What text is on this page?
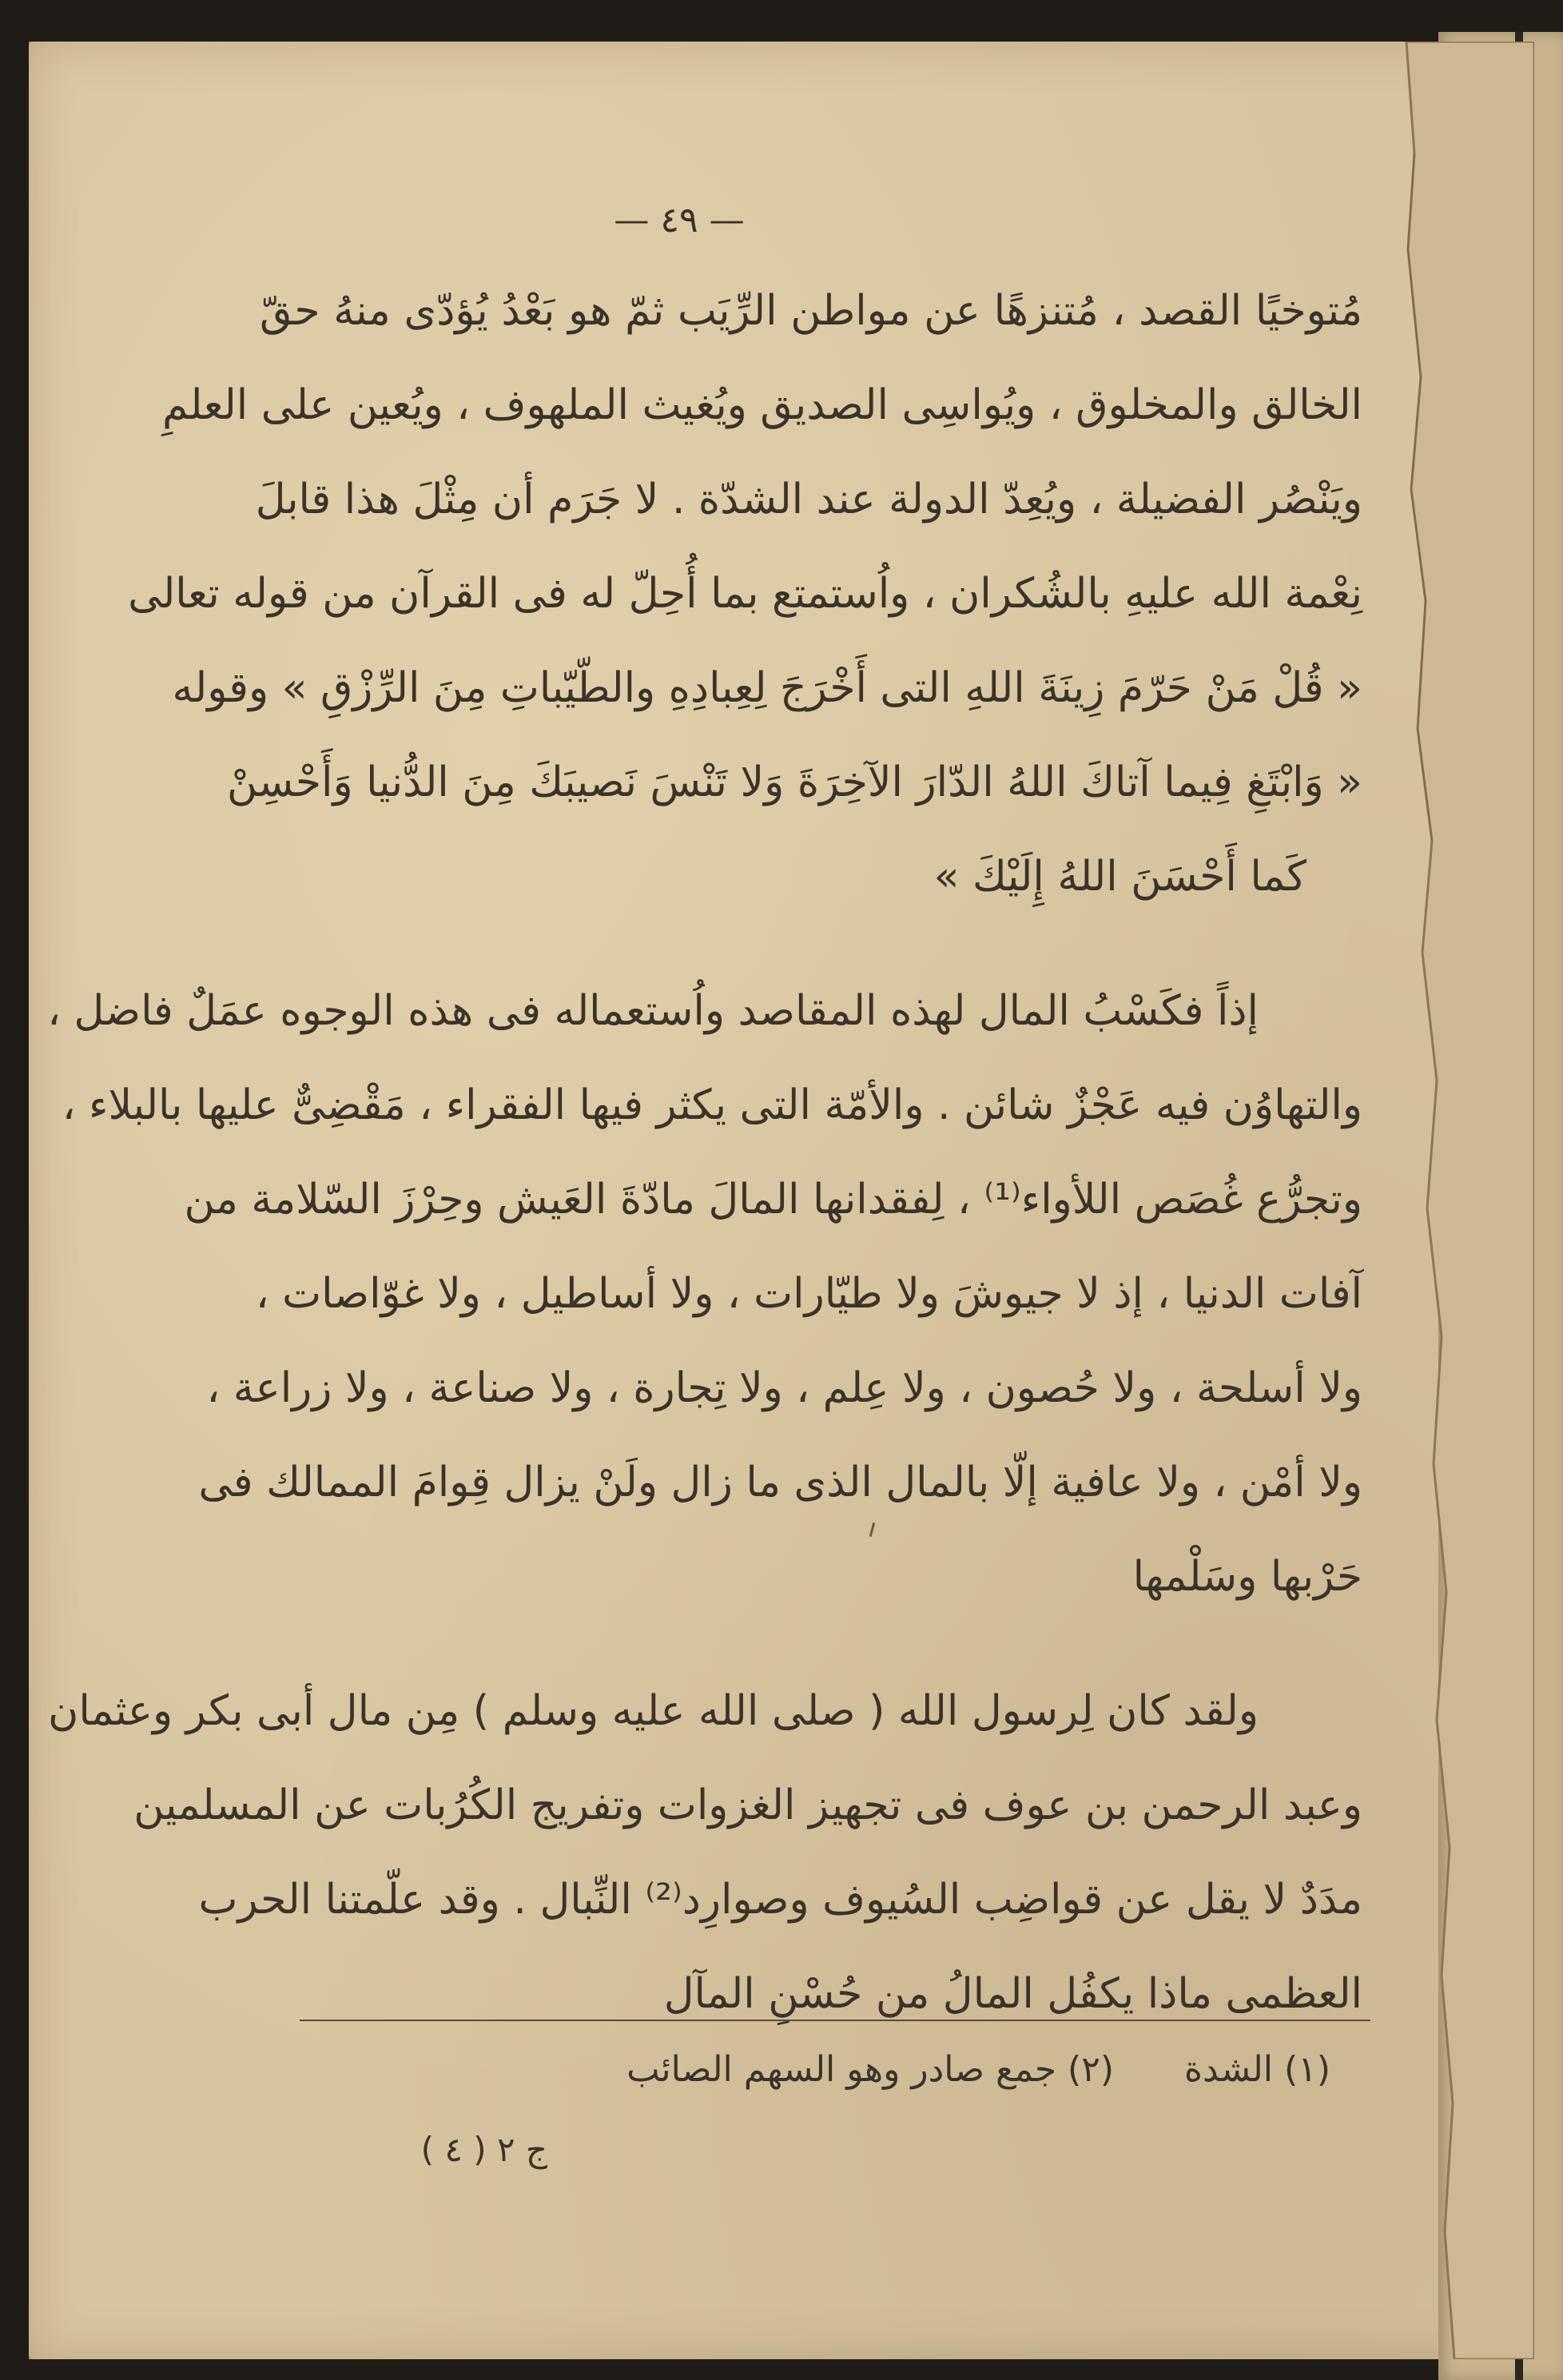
— ٤٩ —
مُتوخيًا القصد ، مُتنزهًا عن مواطن الرِّيَب ثمّ هو بَعْدُ يُؤدّى منهُ حقّ
الخالق والمخلوق ، ويُواسِى الصديق ويُغيث الملهوف ، ويُعين على العلمِ
ويَنْصُر الفضيلة ، ويُعِدّ الدولة عند الشدّة . لا جَرَم أن مِثْلَ هذا قابلَ
نِعْمة الله عليهِ بالشُكران ، واُستمتع بما أُحِلّ له فى القرآن من قوله تعالى
« قُلْ مَنْ حَرّمَ زِينَةَ اللهِ التى أَخْرَجَ لِعِبادِهِ والطّيّباتِ مِنَ الرِّزْقِ » وقوله
« وَابْتَغِ فِيما آتاكَ اللهُ الدّارَ الآخِرَةَ وَلا تَنْسَ نَصيبَكَ مِنَ الدُّنيا وَأَحْسِنْ
كَما أَحْسَنَ اللهُ إِلَيْكَ »
إذاً فكَسْبُ المال لهذه المقاصد واُستعماله فى هذه الوجوه عمَلٌ فاضل ،
والتهاوُن فيه عَجْزٌ شائن . والأمّة التى يكثر فيها الفقراء ، مَقْضِىٌّ عليها بالبلاء ،
وتجرُّع غُصَص اللأواء⁽¹⁾ ، لِفقدانها المالَ مادّةَ العَيش وحِرْزَ السّلامة من
آفات الدنيا ، إذ لا جيوشَ ولا طيّارات ، ولا أساطيل ، ولا غوّاصات ،
ولا أسلحة ، ولا حُصون ، ولا عِلم ، ولا تِجارة ، ولا صناعة ، ولا زراعة ،
ولا أمْن ، ولا عافية إلّا بالمال الذى ما زال ولَنْ يزال قِوامَ الممالك فى
حَرْبها وسَلْمها
ولقد كان لِرسول الله ( صلى الله عليه وسلم ) مِن مال أبى بكر وعثمان
وعبد الرحمن بن عوف فى تجهيز الغزوات وتفريج الكُرُبات عن المسلمين
مدَدٌ لا يقل عن قواضِب السُيوف وصوارِد⁽²⁾ النِّبال . وقد علّمتنا الحرب
العظمى ماذا يكفُل المالُ من حُسْنِ المآل
(١) الشدة  (٢) جمع صادر وهو السهم الصائب
ج ٢ ( ٤ )
